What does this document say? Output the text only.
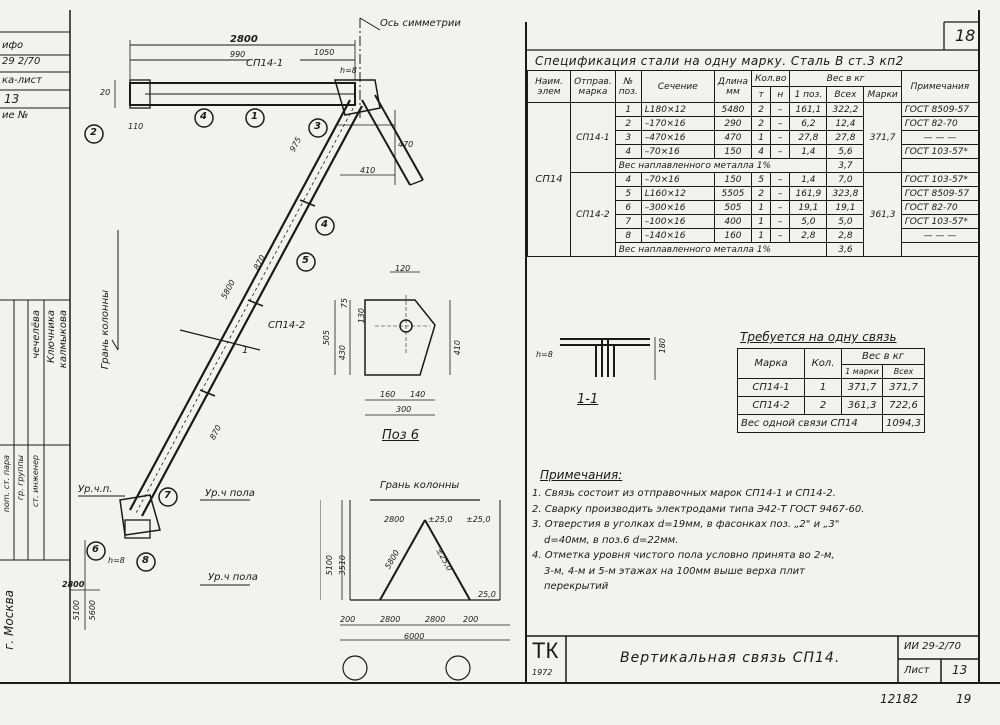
18
ифо
29 2/70
ка-лист
13
ие №
чечелёва Ключника калмыкова
nom. ст. пара гр. группы ст. инженер
г. Москва
Ось симметрии
2800
990	1050
20
110
h=8
975
410
470
870
870
5800
СП14-1
СП14-2
2
4	1
3
4
5
6
7
8
Грань колонны
Ур.ч.п.	Ур.ч пола
Ур.ч пола
h=8
2800
5100 5600
120
75
130
505
430	410
160 140
300
Поз 6
Грань колонны
2800	±25,0 ±25,0
5800	±25,0
25,0
200	2800	2800 200
6000
5100 3510
h=8
180
1-1
1
Спецификация стали на одну марку. Сталь В ст.3 кп2
Наим. элем	Отправ. марка	№ поз.	Сечение	Длина мм	Кол.во		Вес в кг			Примечания
					т	н	1 поз.	Всех	Марки	
СП14	СП14-1	1	L180×12	5480	2	–	161,1	322,2	371,7	ГОСТ 8509-57
		2	–170×16	290	2	–	6,2	12,4		ГОСТ 82-70
		3	–470×16	470	1	–	27,8	27,8		— — —
		4	–70×16	150	4	–	1,4	5,6		ГОСТ 103-57*
		Вес наплавленного металла 1%						3,7		
	СП14-2	4	–70×16	150	5	–	1,4	7,0	361,3	ГОСТ 103-57*
		5	L160×12	5505	2	–	161,9	323,8		ГОСТ 8509-57
		6	–300×16	505	1	–	19,1	19,1		ГОСТ 82-70
		7	–100×16	400	1	–	5,0	5,0		ГОСТ 103-57*
		8	–140×16	160	1	–	2,8	2,8		— — —
		Вес наплавленного металла 1%						3,6		
Требуется на одну связь
Марка	Кол.	Вес в кг	
		1 марки	Всех
СП14-1	1	371,7	371,7
СП14-2	2	361,3	722,6
Вес одной связи СП14			1094,3
Примечания:
1. Связь состоит из отправочных марок СП14-1 и СП14-2.
2. Сварку производить электродами типа Э42-Т ГОСТ 9467-60.
3. Отверстия в уголках d=19мм, в фасонках поз. „2" и „3"
d=40мм, в поз.6 d=22мм.
4. Отметка уровня чистого пола условно принята во 2-м,
3-м, 4-м и 5-м этажах на 100мм выше верха плит
перекрытий
ТК
1972
Вертикальная связь СП14.
ИИ 29-2/70
Лист 13
12182	19
